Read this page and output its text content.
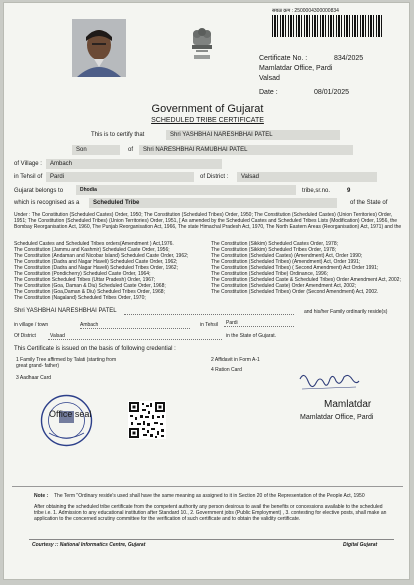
सबळ क्रम : 2500004300000834
Certificate No. :	834/2025
Mamlatdar Office, Pardi
Valsad
Date :	08/01/2025
Government of Gujarat
SCHEDULED TRIBE CERTIFICATE
This is to certify that	Shri YASHBHAI NARESHBHAI PATEL
Son	of Shri NARESHBHAI RAMUBHAI PATEL
of Village : Ambach
in Tehsil of Pardi	of District : Valsad
Gujarat belongs to	Dhodia	tribe,sr.no.	9
which is recognised as a Scheduled Tribe	of the State of
Under : The Constitution (Scheduled Castes) Order, 1950; The Constitution (Scheduled Tribes) Order, 1950; The Constitution (Scheduled Castes) (Union Territories) Order, 1951; The Constitution (Scheduled Tribes) (Union Territories) Order, 1951, [ As amended by the Scheduled Castes and Scheduled Tribes Lists (Modification) Order, 1956, the Bombay Reorganisation Act, 1960, The Punjab Reorganisation Act, 1966, The state Himachal Pradesh Act, 1970, The North Eastern Areas (Reorganisation) Act, 1971) and the
Scheduled Castes and Scheduled Tribes orders(Amendment ) Act,1976.
The Constitution (Jammu and Kashmir) Scheduled Caste Order, 1956;
The Constitution (Andaman and Nicobar Island) Scheduled Caste Order, 1962;
The Constitution (Dadra and Nagar Haveli) Scheduled Caste Order, 1962;
The Constitution (Dadra and Nagar Haveli) Scheduled Tribes Order, 1962;
The Constitution (Pondicherry) Scheduled Caste Order, 1964;
The Constitution Scheduled Tribes (Uttar Pradesh) Order, 1967;
The Constitution (Goa, Daman & Diu) Scheduled Caste Order, 1968;
The Constitution (Goa,Daman & Diu) Scheduled Tribes Order, 1968;
The Constitution (Nagaland) Scheduled Tribes Order, 1970;
The Constitution (Sikkim) Scheduled Castes Order, 1978;
The Constitution (Sikkim) Scheduled Tribes Order, 1978;
The Constitution (Scheduled Castes) (Amendment) Act, Order 1990;
The Constitution (Scheduled Tribes) (Amendment) Act, Order 1991;
The Constitution (Scheduled Tribes) ( Second Amendment) Act Order 1991;
The Constitution (Scheduled Tribe) Ordinance, 1996;
The Constitution (Scheduled Caste & Scheduled Tribes) Order Amendment Act, 2002;
The Constitution (Scheduled Caste) Order Amendment Act, 2002;
The Constitution (Scheduled Tribes) Order (Second Amendment) Act, 2002.
Shri YASHBHAI NARESHBHAI PATEL	and his/her Family ordinarily reside(s)
in village / town	Ambach	in Tehsil Pardi
Of District	Valsad	in the State of Gujarat.
This Certificate is issued on the basis of following credential :
1 Family Tree affirmed by Talati (starting from great grand- father)
2 Affidavit in Form A-1
3 Aadhaar Card
4 Ration Card
Office seal
Mamlatdar
Mamlatdar Office, Pardi
Note : The Term "Ordinary reside's used shall have the same meaning as assigned to it in Section 20 of the Representation of the People Act, 1950
After obtaining the scheduled tribe certificate from the competent authority any person desirous to avail the benefits or concessions available to the scheduled tribe i.e. 1. Admission to any educational institution after Standard 10., 2. Government jobs (Public Employment) , 3. contesting for elective posts, shall make an application to the concerned scrutiny committee for the verification of such certificate and to obtain the validity certificate.
Courtesy :: National Informatics Centre, Gujarat	Digital Gujarat
